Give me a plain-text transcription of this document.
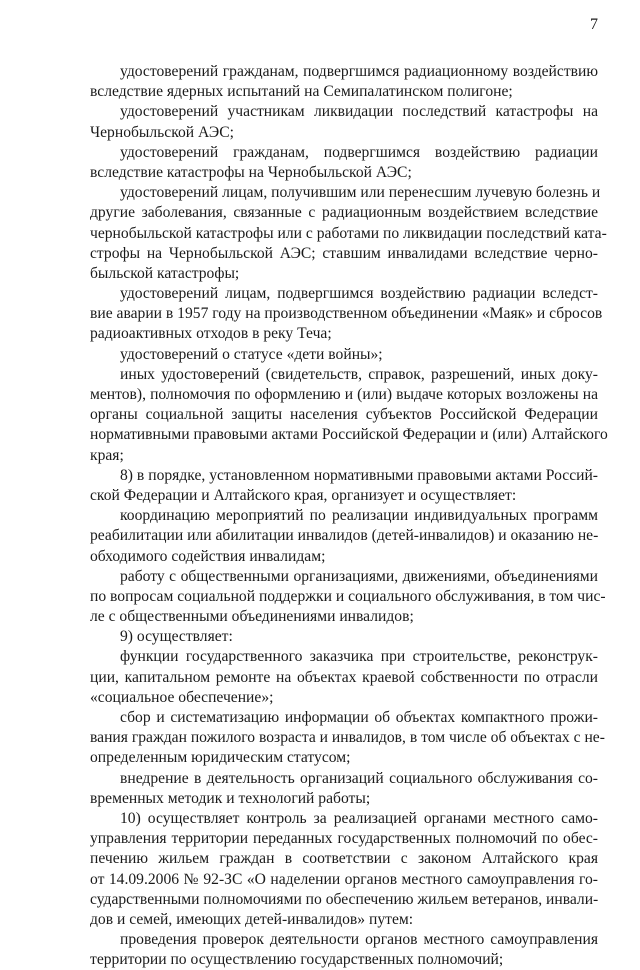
7
удостоверений гражданам, подвергшимся радиационному воздействию
вследствие ядерных испытаний на Семипалатинском полигоне;
удостоверений участникам ликвидации последствий катастрофы на
Чернобыльской АЭС;
удостоверений гражданам, подвергшимся воздействию радиации
вследствие катастрофы на Чернобыльской АЭС;
удостоверений лицам, получившим или перенесшим лучевую болезнь и
другие заболевания, связанные с радиационным воздействием вследствие
чернобыльской катастрофы или с работами по ликвидации последствий ката-
строфы на Чернобыльской АЭС; ставшим инвалидами вследствие черно-
быльской катастрофы;
удостоверений лицам, подвергшимся воздействию радиации вследст-
вие аварии в 1957 году на производственном объединении «Маяк» и сбросов
радиоактивных отходов в реку Теча;
удостоверений о статусе «дети войны»;
иных удостоверений (свидетельств, справок, разрешений, иных доку-
ментов), полномочия по оформлению и (или) выдаче которых возложены на
органы социальной защиты населения субъектов Российской Федерации
нормативными правовыми актами Российской Федерации и (или) Алтайского
края;
8) в порядке, установленном нормативными правовыми актами Россий-
ской Федерации и Алтайского края, организует и осуществляет:
координацию мероприятий по реализации индивидуальных программ
реабилитации или абилитации инвалидов (детей-инвалидов) и оказанию не-
обходимого содействия инвалидам;
работу с общественными организациями, движениями, объединениями
по вопросам социальной поддержки и социального обслуживания, в том чис-
ле с общественными объединениями инвалидов;
9) осуществляет:
функции государственного заказчика при строительстве, реконструк-
ции, капитальном ремонте на объектах краевой собственности по отрасли
«социальное обеспечение»;
сбор и систематизацию информации об объектах компактного прожи-
вания граждан пожилого возраста и инвалидов, в том числе об объектах с не-
определенным юридическим статусом;
внедрение в деятельность организаций социального обслуживания со-
временных методик и технологий работы;
10) осуществляет контроль за реализацией органами местного само-
управления территории переданных государственных полномочий по обес-
печению жильем граждан в соответствии с законом Алтайского края
от 14.09.2006 № 92-ЗС «О наделении органов местного самоуправления го-
сударственными полномочиями по обеспечению жильем ветеранов, инвали-
дов и семей, имеющих детей-инвалидов» путем:
проведения проверок деятельности органов местного самоуправления
территории по осуществлению государственных полномочий;
